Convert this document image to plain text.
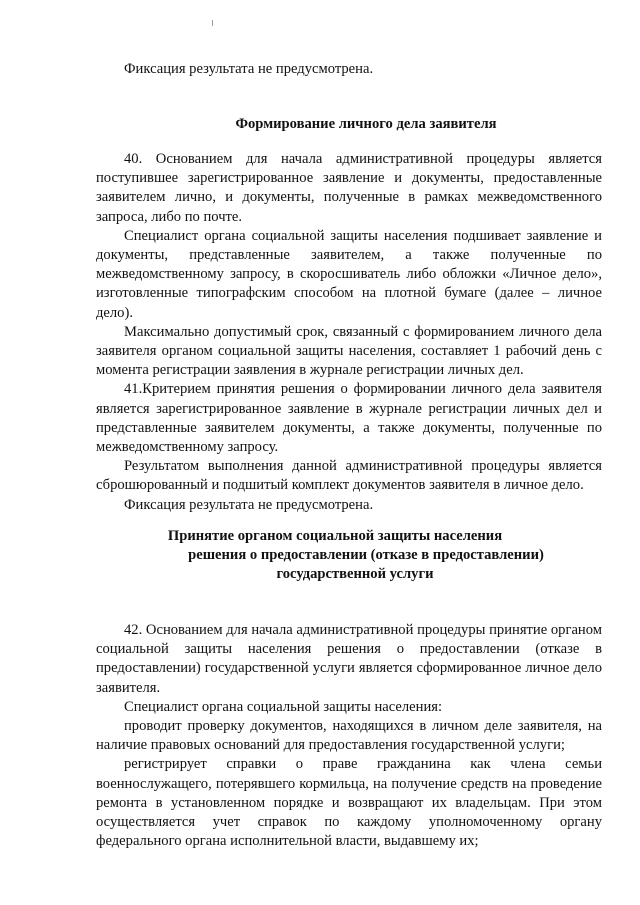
Фиксация результата не предусмотрена.
Формирование личного дела заявителя

40. Основанием для начала административной процедуры является поступившее зарегистрированное заявление и документы, предоставленные заявителем лично, и документы, полученные в рамках межведомственного запроса, либо по почте.

Специалист органа социальной защиты населения подшивает заявление и документы, представленные заявителем, а также полученные по межведомственному запросу, в скоросшиватель либо обложки «Личное дело», изготовленные типографским способом на плотной бумаге (далее – личное дело).

Максимально допустимый срок, связанный с формированием личного дела заявителя органом социальной защиты населения, составляет 1 рабочий день с момента регистрации заявления в журнале регистрации личных дел.

41.Критерием принятия решения о формировании личного дела заявителя является зарегистрированное заявление в журнале регистрации личных дел и представленные заявителем документы, а также документы, полученные по межведомственному запросу.

Результатом выполнения данной административной процедуры является сброшюрованный и подшитый комплект документов заявителя в личное дело.

Фиксация результата не предусмотрена.

Принятие органом социальной защиты населения
решения о предоставлении (отказе в предоставлении)
государственной услуги

42. Основанием для начала административной процедуры принятие органом социальной защиты населения решения о предоставлении (отказе в предоставлении) государственной услуги является сформированное личное дело заявителя.

Специалист органа социальной защиты населения:

проводит проверку документов, находящихся в личном деле заявителя, на наличие правовых оснований для предоставления государственной услуги;

регистрирует справки о праве гражданина как члена семьи военнослужащего, потерявшего кормильца, на получение средств на проведение ремонта в установленном порядке и возвращают их владельцам. При этом осуществляется учет справок по каждому уполномоченному органу федерального органа исполнительной власти, выдавшему их;
